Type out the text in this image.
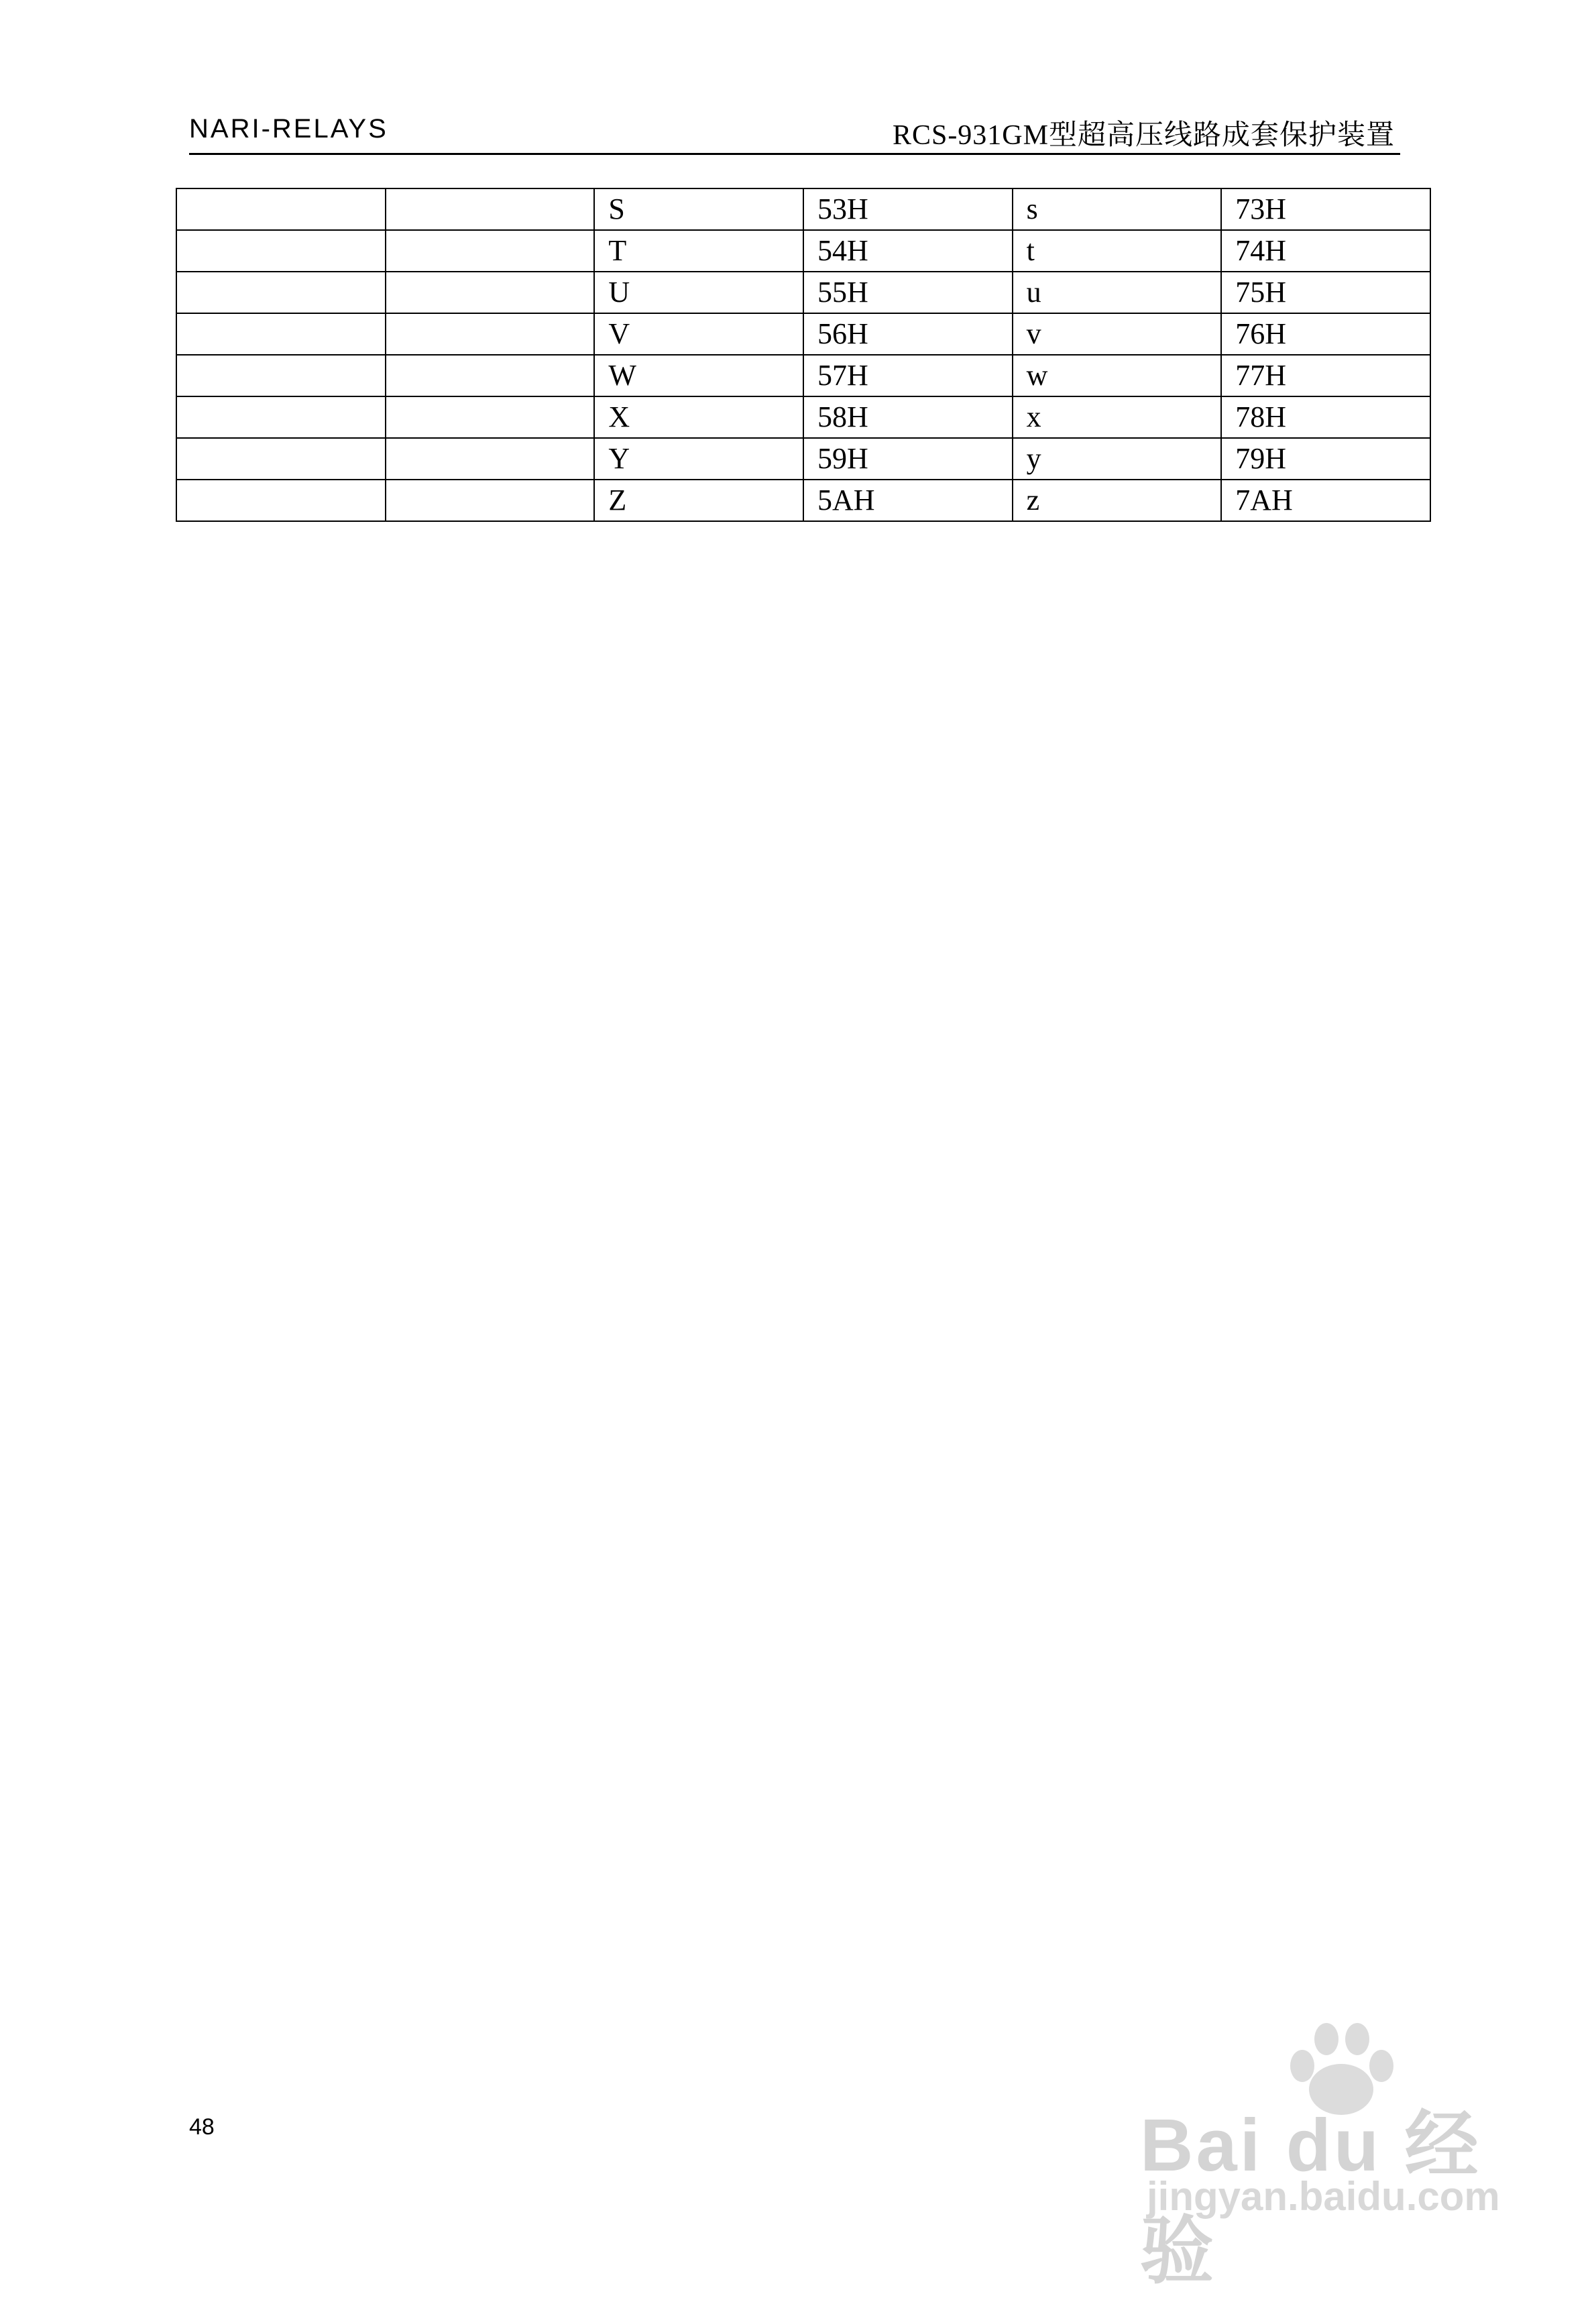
NARI-RELAYS	RCS-931GM型超高压线路成套保护装置
		S	53H	s	73H
		T	54H	t	74H
		U	55H	u	75H
		V	56H	v	76H
		W	57H	w	77H
		X	58H	x	78H
		Y	59H	y	79H
		Z	5AH	z	7AH
48	Bai du 经验
jingyan.baidu.com
